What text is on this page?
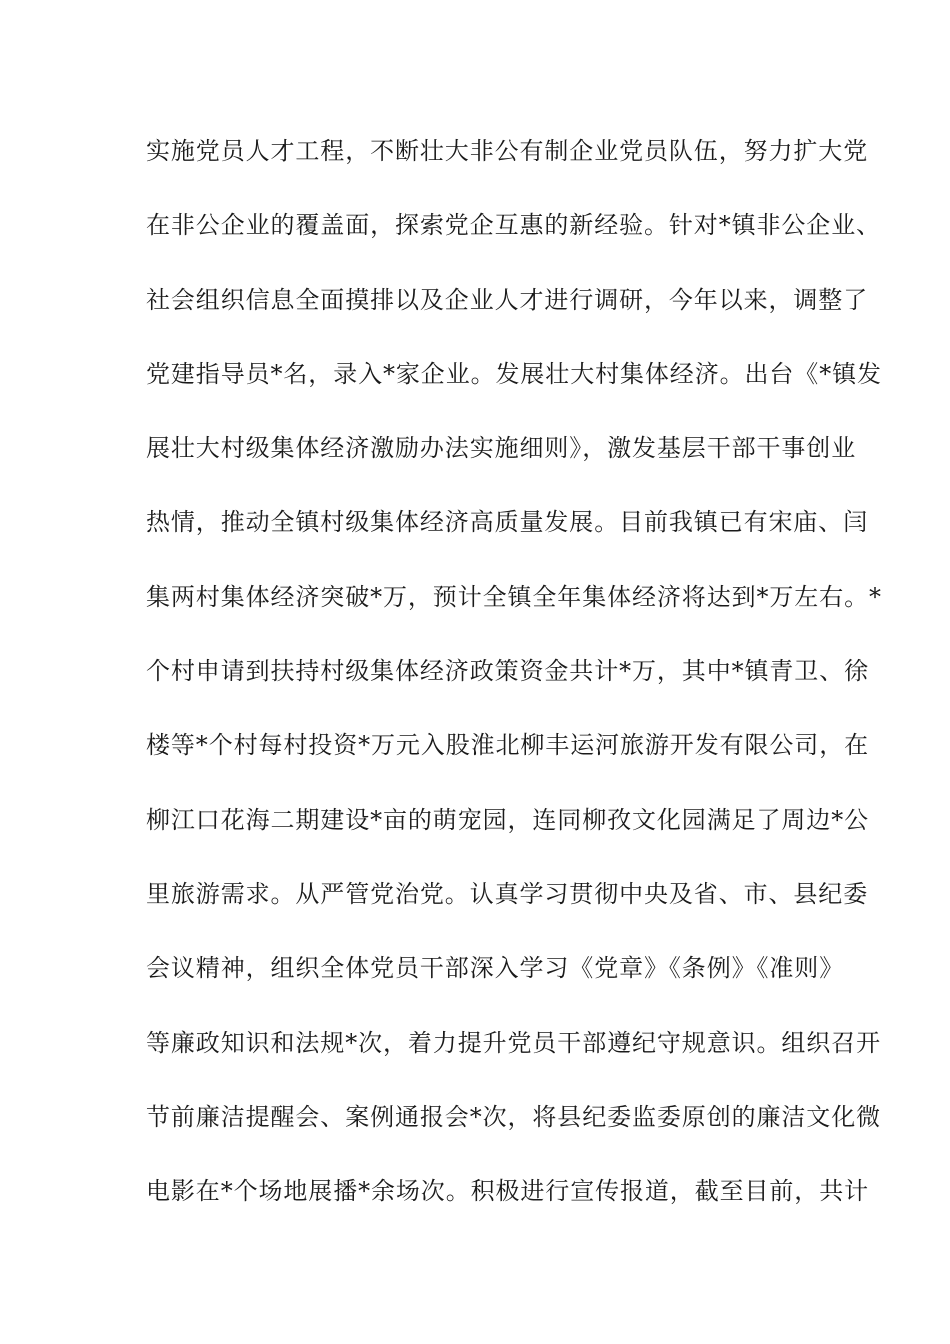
实施党员人才工程，不断壮大非公有制企业党员队伍，努力扩大党
在非公企业的覆盖面，探索党企互惠的新经验。针对*镇非公企业、
社会组织信息全面摸排以及企业人才进行调研，今年以来，调整了
党建指导员*名，录入*家企业。发展壮大村集体经济。出台《*镇发
展壮大村级集体经济激励办法实施细则》，激发基层干部干事创业
热情，推动全镇村级集体经济高质量发展。目前我镇已有宋庙、闫
集两村集体经济突破*万，预计全镇全年集体经济将达到*万左右。*
个村申请到扶持村级集体经济政策资金共计*万，其中*镇青卫、徐
楼等*个村每村投资*万元入股淮北柳丰运河旅游开发有限公司，在
柳江口花海二期建设*亩的萌宠园，连同柳孜文化园满足了周边*公
里旅游需求。从严管党治党。认真学习贯彻中央及省、市、县纪委
会议精神，组织全体党员干部深入学习《党章》《条例》《准则》
等廉政知识和法规*次，着力提升党员干部遵纪守规意识。组织召开
节前廉洁提醒会、案例通报会*次，将县纪委监委原创的廉洁文化微
电影在*个场地展播*余场次。积极进行宣传报道，截至目前，共计
